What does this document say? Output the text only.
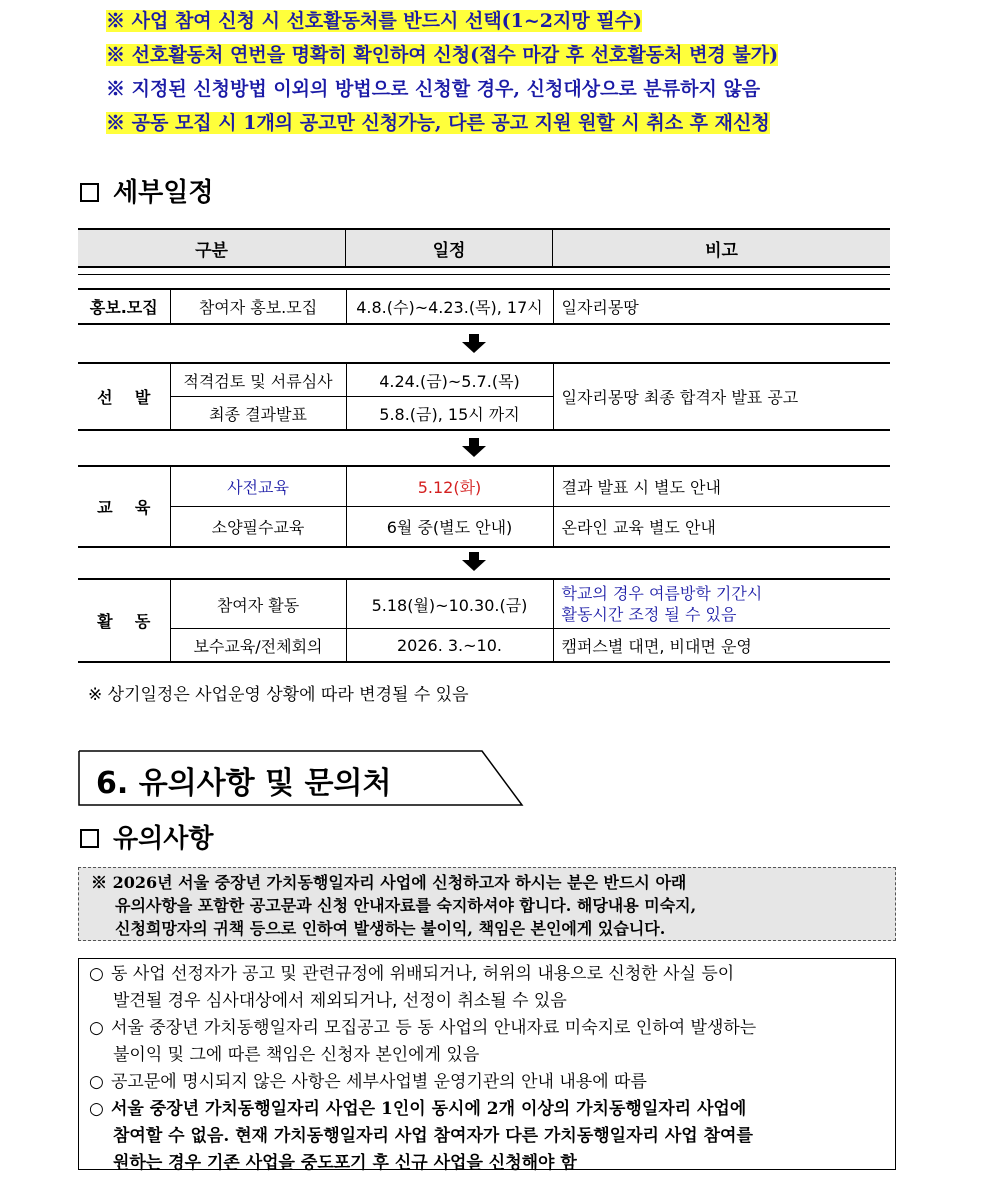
※ 사업 참여 신청 시 선호활동처를 반드시 선택(1~2지망 필수)
※ 선호활동처 연번을 명확히 확인하여 신청(접수 마감 후 선호활동처 변경 불가)
※ 지정된 신청방법 이외의 방법으로 신청할 경우, 신청대상으로 분류하지 않음
※ 공동 모집 시 1개의 공고만 신청가능, 다른 공고 지원 원할 시 취소 후 재신청
세부일정
구분	일정	비고
홍보.모집	참여자 홍보.모집	4.8.(수)~4.23.(목), 17시	일자리몽땅
선    발	적격검토 및 서류심사	4.24.(금)~5.7.(목)	일자리몽땅 최종 합격자 발표 공고
	최종 결과발표	5.8.(금), 15시 까지	
교    육	사전교육	5.12(화)	결과 발표 시 별도 안내
	소양필수교육	6월 중(별도 안내)	온라인 교육 별도 안내
활    동	참여자 활동	5.18(월)~10.30.(금)	학교의 경우 여름방학 기간시
활동시간 조정 될 수 있음

	보수교육/전체회의	2026. 3.~10.	캠퍼스별 대면, 비대면 운영
※ 상기일정은 사업운영 상황에 따라 변경될 수 있음
6. 유의사항 및 문의처
유의사항
※ 2026년 서울 중장년 가치동행일자리 사업에 신청하고자 하시는 분은 반드시 아래
유의사항을 포함한 공고문과 신청 안내자료를 숙지하셔야 합니다. 해당내용 미숙지,
신청희망자의 귀책 등으로 인하여 발생하는 불이익, 책임은 본인에게 있습니다.
○ 동 사업 선정자가 공고 및 관련규정에 위배되거나, 허위의 내용으로 신청한 사실 등이
발견될 경우 심사대상에서 제외되거나, 선정이 취소될 수 있음
○ 서울 중장년 가치동행일자리 모집공고 등 동 사업의 안내자료 미숙지로 인하여 발생하는
불이익 및 그에 따른 책임은 신청자 본인에게 있음
○ 공고문에 명시되지 않은 사항은 세부사업별 운영기관의 안내 내용에 따름
○ 서울 중장년 가치동행일자리 사업은 1인이 동시에 2개 이상의 가치동행일자리 사업에
참여할 수 없음. 현재 가치동행일자리 사업 참여자가 다른 가치동행일자리 사업 참여를
원하는 경우 기존 사업을 중도포기 후 신규 사업을 신청해야 함
